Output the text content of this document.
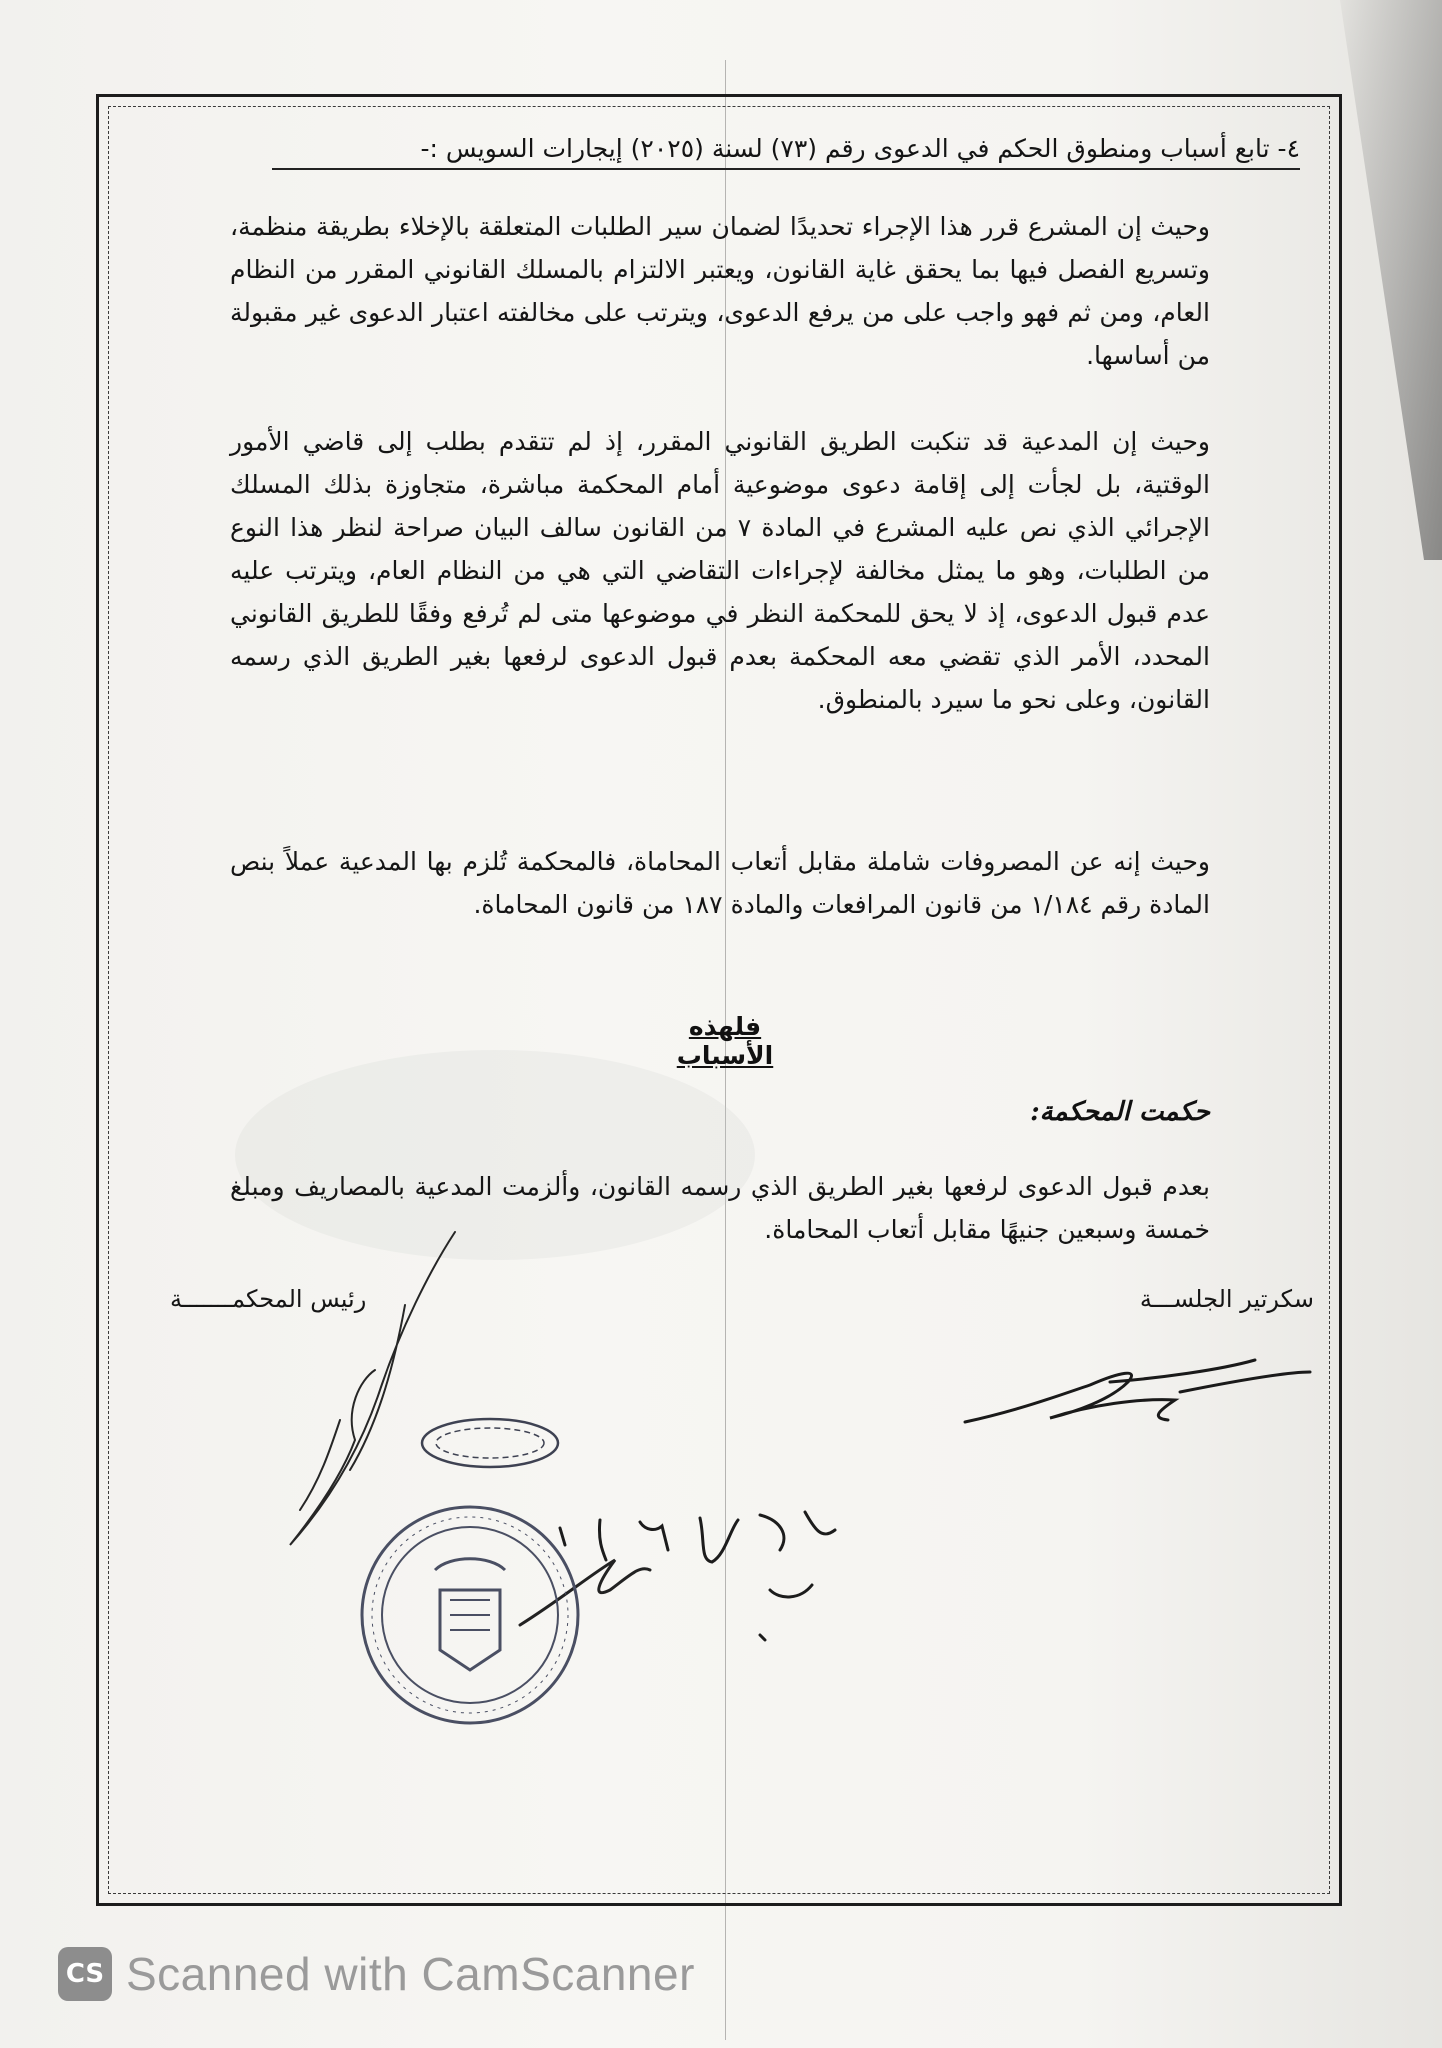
٤- تابع أسباب ومنطوق الحكم في الدعوى رقم (٧٣) لسنة (٢٠٢٥) إيجارات السويس :-
وحيث إن المشرع قرر هذا الإجراء تحديدًا لضمان سير الطلبات المتعلقة بالإخلاء بطريقة منظمة، وتسريع الفصل فيها بما يحقق غاية القانون، ويعتبر الالتزام بالمسلك القانوني المقرر من النظام العام، ومن ثم فهو واجب على من يرفع الدعوى، ويترتب على مخالفته اعتبار الدعوى غير مقبولة من أساسها.
وحيث إن المدعية قد تنكبت الطريق القانوني المقرر، إذ لم تتقدم بطلب إلى قاضي الأمور الوقتية، بل لجأت إلى إقامة دعوى موضوعية أمام المحكمة مباشرة، متجاوزة بذلك المسلك الإجرائي الذي نص عليه المشرع في المادة ٧ من القانون سالف البيان صراحة لنظر هذا النوع من الطلبات، وهو ما يمثل مخالفة لإجراءات التقاضي التي هي من النظام العام، ويترتب عليه عدم قبول الدعوى، إذ لا يحق للمحكمة النظر في موضوعها متى لم تُرفع وفقًا للطريق القانوني المحدد، الأمر الذي تقضي معه المحكمة بعدم قبول الدعوى لرفعها بغير الطريق الذي رسمه القانون، وعلى نحو ما سيرد بالمنطوق.
وحيث إنه عن المصروفات شاملة مقابل أتعاب المحاماة، فالمحكمة تُلزم بها المدعية عملاً بنص المادة رقم ١/١٨٤ من قانون المرافعات والمادة ١٨٧ من قانون المحاماة.
فلهذه الأسباب
حكمت المحكمة:
بعدم قبول الدعوى لرفعها بغير الطريق الذي رسمه القانون، وألزمت المدعية بالمصاريف ومبلغ خمسة وسبعين جنيهًا مقابل أتعاب المحاماة.
سكرتير الجلســـة
رئيس المحكمـــــــة
CS Scanned with CamScanner
